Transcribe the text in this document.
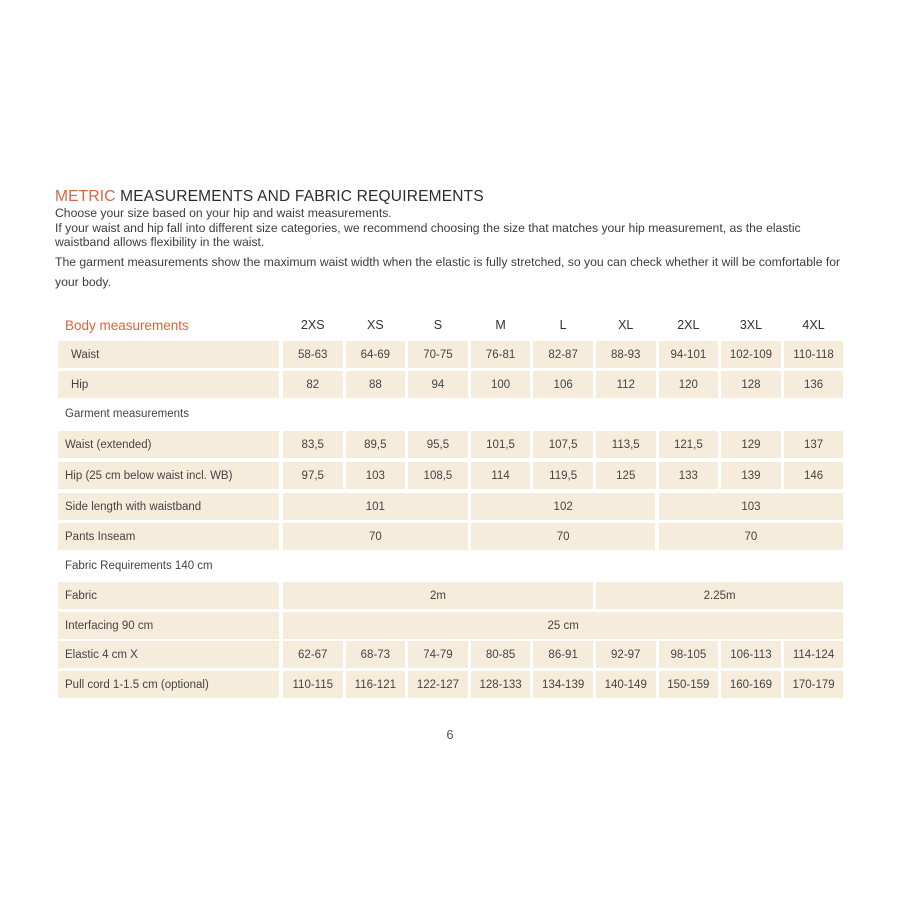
METRIC MEASUREMENTS AND FABRIC REQUIREMENTS

Choose your size based on your hip and waist measurements.

If your waist and hip fall into different size categories, we recommend choosing the size that matches your hip measurement, as the elastic waistband allows flexibility in the waist.

The garment measurements show the maximum waist width when the elastic is fully stretched, so you can check whether it will be comfortable for your body.

Body measurements	2XS	XS	S	M	L	XL	2XL	3XL	4XL
Waist	58-63	64-69	70-75	76-81	82-87	88-93	94-101	102-109	110-118
Hip	82	88	94	100	106	112	120	128	136
Garment measurements
Waist (extended)	83,5	89,5	95,5	101,5	107,5	113,5	121,5	129	137
Hip (25 cm below waist incl. WB)	97,5	103	108,5	114	119,5	125	133	139	146
Side length with waistband	101	102	103
Pants Inseam	70	70	70
Fabric Requirements 140 cm
Fabric	2m	2.25m
Interfacing 90 cm	25 cm
Elastic 4 cm X	62-67	68-73	74-79	80-85	86-91	92-97	98-105	106-113	114-124
Pull cord 1-1.5 cm (optional)	110-115	116-121	122-127	128-133	134-139	140-149	150-159	160-169	170-179
6
